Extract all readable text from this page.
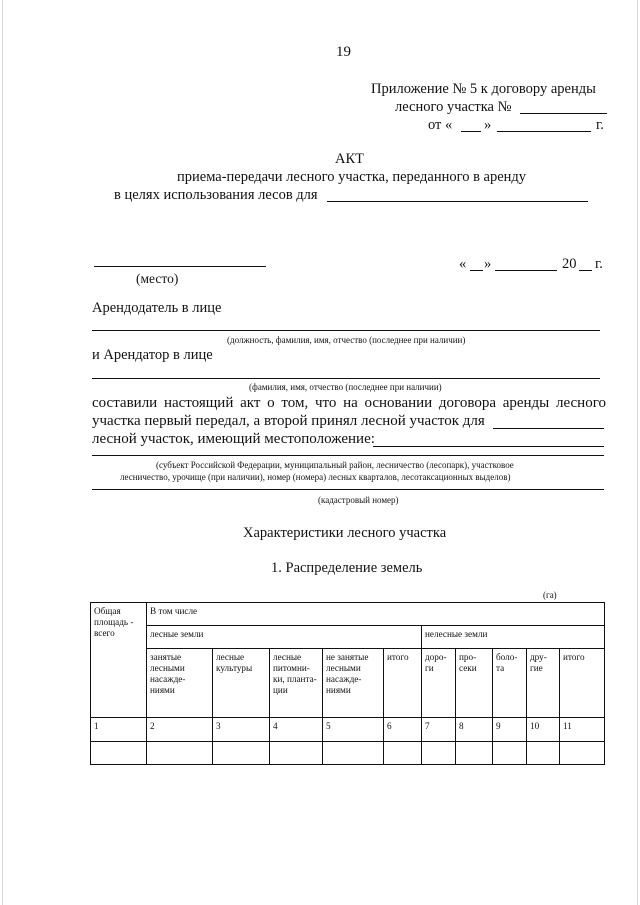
19
Приложение № 5 к договору аренды
лесного участка №
от « »	г.
АКТ
приема-передачи лесного участка, переданного в аренду
в целях использования лесов для
(место)
« »	20 г.
Арендодатель в лице
(должность, фамилия, имя, отчество (последнее при наличии)
и Арендатор в лице
(фамилия, имя, отчество (последнее при наличии)
составили настоящий акт о том, что на основании договора аренды лесного
участка первый передал, а второй принял лесной участок для
лесной участок, имеющий местоположение:
(субъект Российской Федерации, муниципальный район, лесничество (лесопарк), участковое
лесничество, урочище (при наличии), номер (номера) лесных кварталов, лесотаксационных выделов)
(кадастровый номер)
Характеристики лесного участка
1. Распределение земель
(га)
Общая площадь - всего	В том числе									
	лесные земли					нелесные земли				
	занятые лесными насажде-ниями	лесные культуры	лесные питомни-ки, планта-ции	не занятые лесными насажде-ниями	итого	доро-ги	про-секи	боло-та	дру-гие	итого
1	2	3	4	5	6	7	8	9	10	11
